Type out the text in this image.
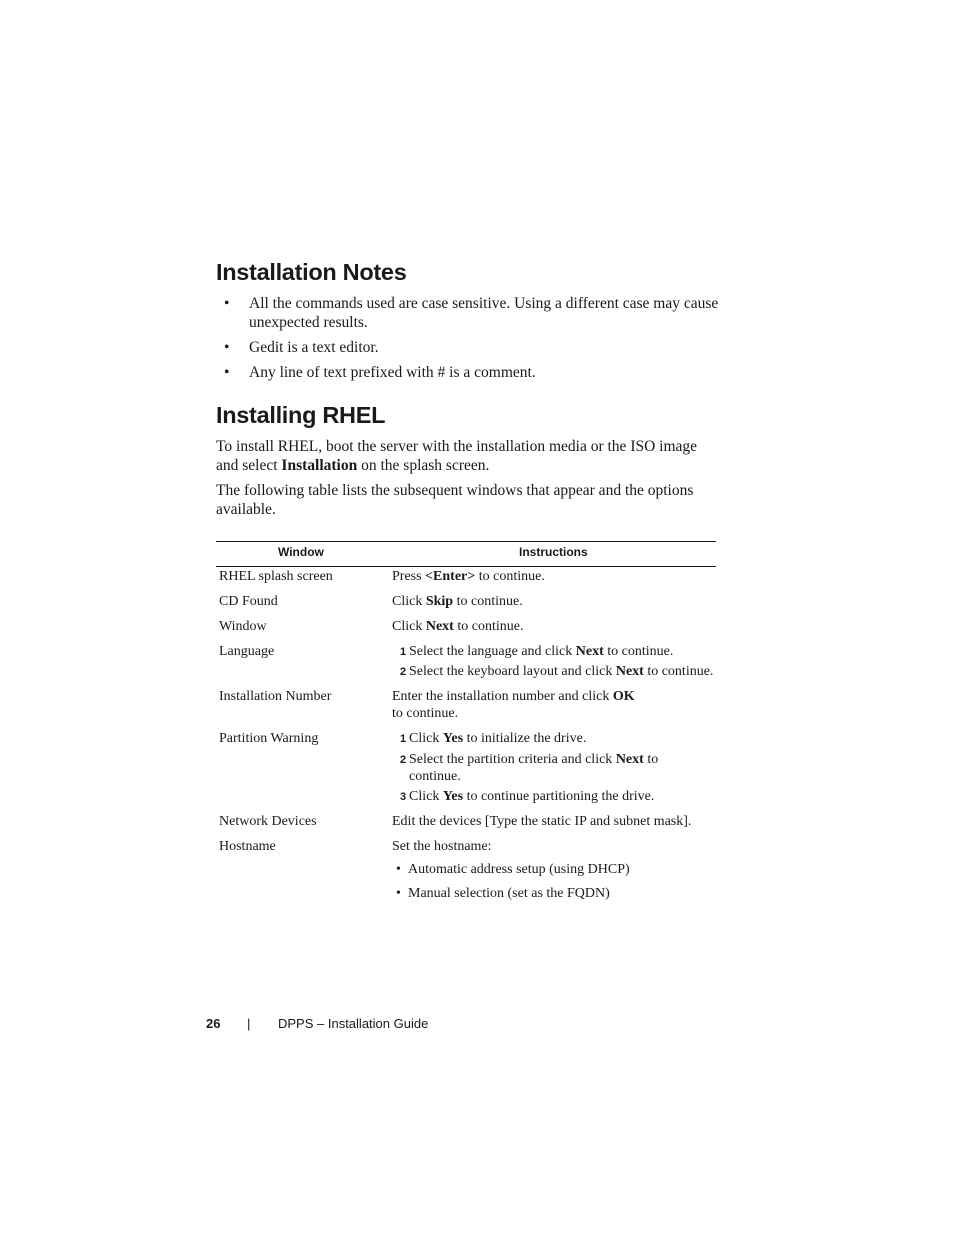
Installation Notes
• All the commands used are case sensitive. Using a different case may cause unexpected results.
• Gedit is a text editor.
• Any line of text prefixed with # is a comment.
Installing RHEL

To install RHEL, boot the server with the installation media or the ISO image and select Installation on the splash screen.

The following table lists the subsequent windows that appear and the options available.

Window	Instructions
RHEL splash screen	Press <Enter> to continue.
CD Found	Click Skip to continue.
Window	Click Next to continue.
Language	1 Select the language and click Next to continue.
2 Select the keyboard layout and click Next to continue.
Installation Number	Enter the installation number and click OK
to continue.
Partition Warning	1 Click Yes to initialize the drive.
2 Select the partition criteria and click Next to
continue.
3 Click Yes to continue partitioning the drive.
Network Devices	Edit the devices [Type the static IP and subnet mask].
Hostname	Set the hostname:
• Automatic address setup (using DHCP)
• Manual selection (set as the FQDN)
26 | DPPS – Installation Guide
